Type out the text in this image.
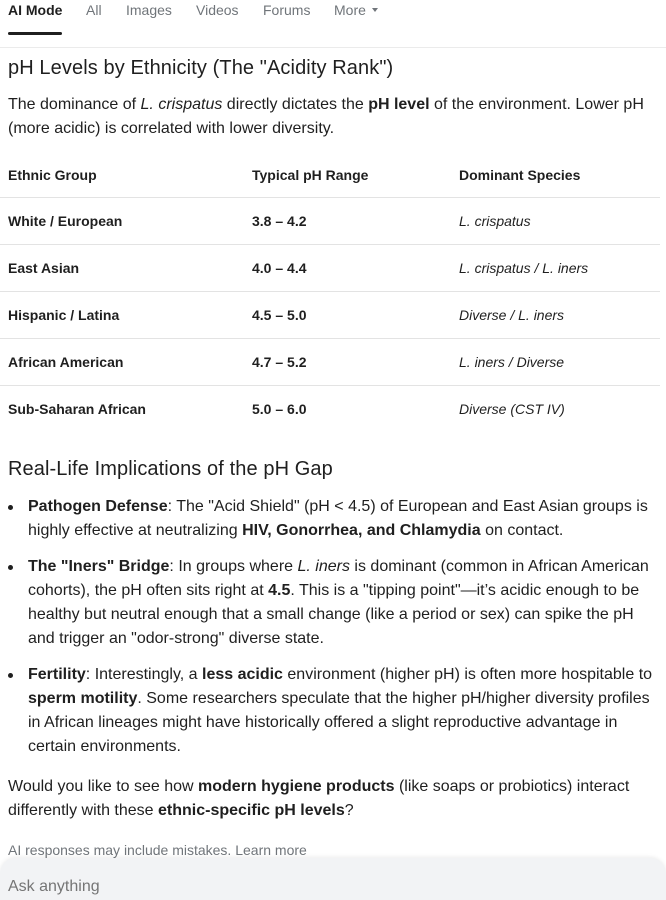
AI Mode All Images Videos Forums More
pH Levels by Ethnicity (The "Acidity Rank")

The dominance of L. crispatus directly dictates the pH level of the environment. Lower pH (more acidic) is correlated with lower diversity.

Ethnic Group	Typical pH Range	Dominant Species
White / European	3.8 – 4.2	L. crispatus
East Asian	4.0 – 4.4	L. crispatus / L. iners
Hispanic / Latina	4.5 – 5.0	Diverse / L. iners
African American	4.7 – 5.2	L. iners / Diverse
Sub-Saharan African	5.0 – 6.0	Diverse (CST IV)
Real-Life Implications of the pH Gap
Pathogen Defense: The "Acid Shield" (pH < 4.5) of European and East Asian groups is highly effective at neutralizing HIV, Gonorrhea, and Chlamydia on contact.
The "Iners" Bridge: In groups where L. iners is dominant (common in African American cohorts), the pH often sits right at 4.5. This is a "tipping point"—it’s acidic enough to be healthy but neutral enough that a small change (like a period or sex) can spike the pH and trigger an "odor-strong" diverse state.
Fertility: Interestingly, a less acidic environment (higher pH) is often more hospitable to sperm motility. Some researchers speculate that the higher pH/higher diversity profiles in African lineages might have historically offered a slight reproductive advantage in certain environments.

Would you like to see how modern hygiene products (like soaps or probiotics) interact differently with these ethnic-specific pH levels?

AI responses may include mistakes. Learn more
Ask anything
